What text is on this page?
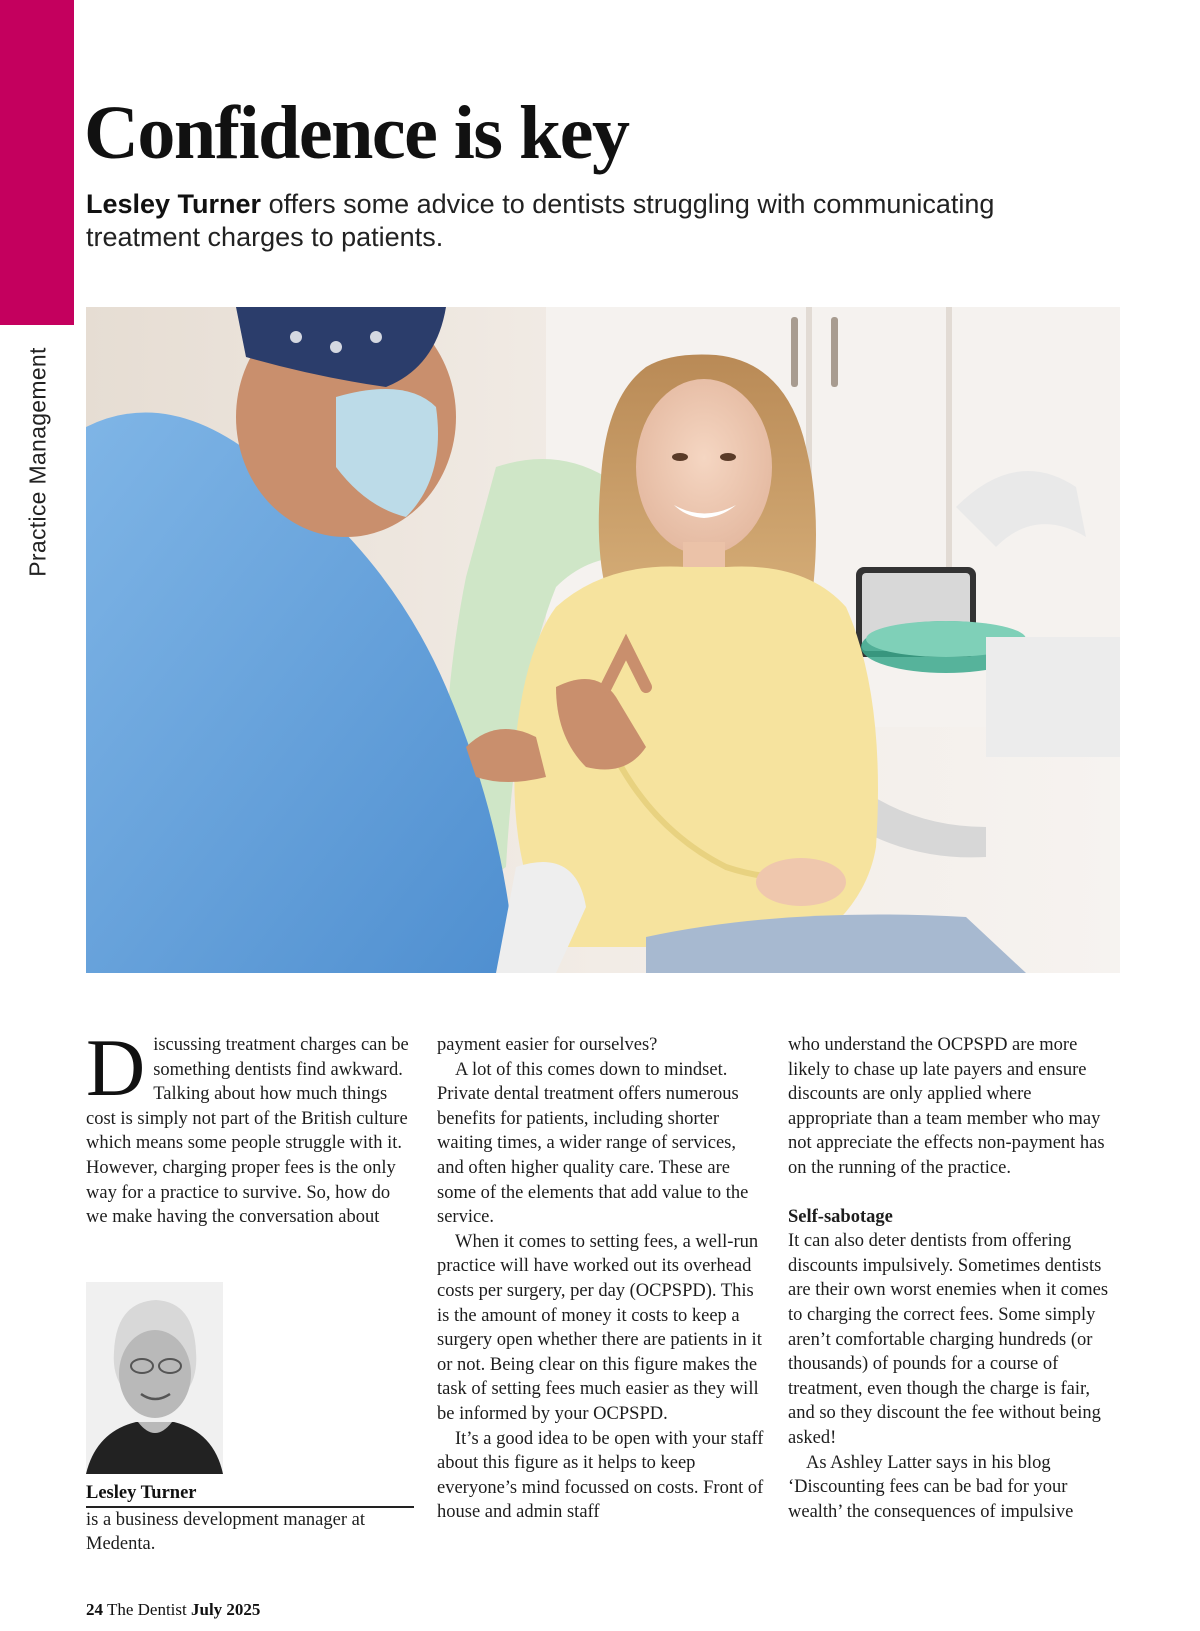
Practice Management
Confidence is key

Lesley Turner offers some advice to dentists struggling with communicating treatment charges to patients.

Discussing treatment charges can be something dentists find awkward. Talking about how much things cost is simply not part of the British culture which means some people struggle with it. However, charging proper fees is the only way for a practice to survive. So, how do we make having the conversation about

Lesley Turner
is a business development manager at Medenta.

payment easier for ourselves?

A lot of this comes down to mindset. Private dental treatment offers numerous benefits for patients, including shorter waiting times, a wider range of services, and often higher quality care. These are some of the elements that add value to the service.

When it comes to setting fees, a well-run practice will have worked out its overhead costs per surgery, per day (OCPSPD). This is the amount of money it costs to keep a surgery open whether there are patients in it or not. Being clear on this figure makes the task of setting fees much easier as they will be informed by your OCPSPD.

It’s a good idea to be open with your staff about this figure as it helps to keep everyone’s mind focussed on costs. Front of house and admin staff

who understand the OCPSPD are more likely to chase up late payers and ensure discounts are only applied where appropriate than a team member who may not appreciate the effects non-payment has on the running of the practice.

Self-sabotage

It can also deter dentists from offering discounts impulsively. Sometimes dentists are their own worst enemies when it comes to charging the correct fees. Some simply aren’t comfortable charging hundreds (or thousands) of pounds for a course of treatment, even though the charge is fair, and so they discount the fee without being asked!

As Ashley Latter says in his blog ‘Discounting fees can be bad for your wealth’ the consequences of impulsive

24 The Dentist July 2025
